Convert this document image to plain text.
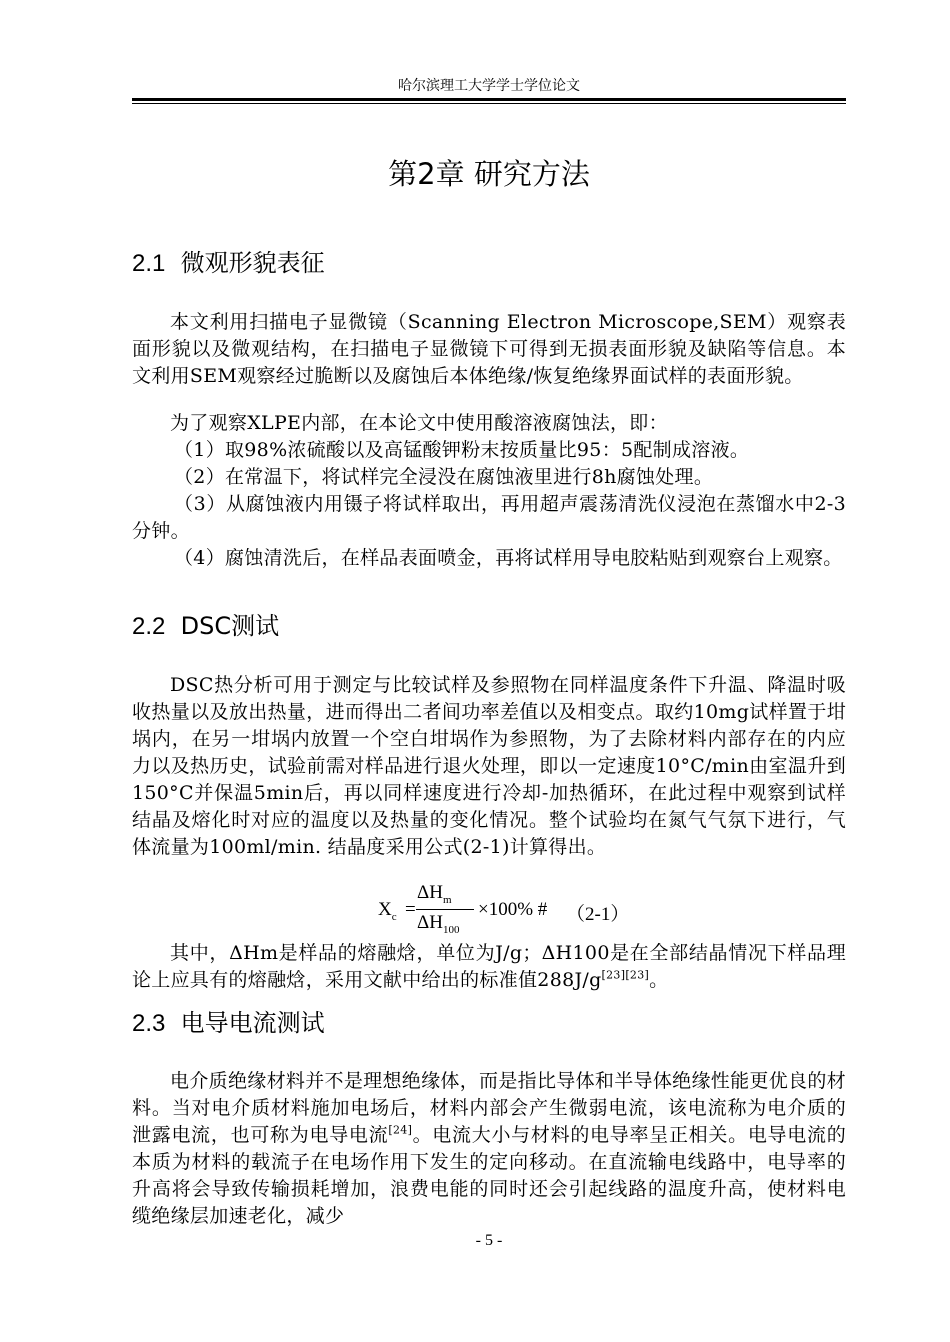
哈尔滨理工大学学士学位论文
第2章 研究方法
2.1 微观形貌表征
本文利用扫描电子显微镜（Scanning Electron Microscope,SEM）观察表面形貌以及微观结构，在扫描电子显微镜下可得到无损表面形貌及缺陷等信息。本文利用SEM观察经过脆断以及腐蚀后本体绝缘/恢复绝缘界面试样的表面形貌。
为了观察XLPE内部，在本论文中使用酸溶液腐蚀法，即：
（1）取98%浓硫酸以及高锰酸钾粉末按质量比95：5配制成溶液。
（2）在常温下，将试样完全浸没在腐蚀液里进行8h腐蚀处理。
（3）从腐蚀液内用镊子将试样取出，再用超声震荡清洗仪浸泡在蒸馏水中2-3分钟。
（4）腐蚀清洗后，在样品表面喷金，再将试样用导电胶粘贴到观察台上观察。
2.2 DSC测试
DSC热分析可用于测定与比较试样及参照物在同样温度条件下升温、降温时吸收热量以及放出热量，进而得出二者间功率差值以及相变点。取约10mg试样置于坩埚内，在另一坩埚内放置一个空白坩埚作为参照物，为了去除材料内部存在的内应力以及热历史，试验前需对样品进行退火处理，即以一定速度10°C/min由室温升到150°C并保温5min后，再以同样速度进行冷却-加热循环，在此过程中观察到试样结晶及熔化时对应的温度以及热量的变化情况。整个试验均在氮气气氛下进行，气体流量为100ml/min. 结晶度采用公式(2-1)计算得出。
$X_c$ =
$\Delta H_m$
$\Delta H_{100}$
×100% # （2-1）
其中，ΔHm是样品的熔融焓，单位为J/g；ΔH100是在全部结晶情况下样品理论上应具有的熔融焓，采用文献中给出的标准值288J/g[23][23]。
2.3 电导电流测试
电介质绝缘材料并不是理想绝缘体，而是指比导体和半导体绝缘性能更优良的材料。当对电介质材料施加电场后，材料内部会产生微弱电流，该电流称为电介质的泄露电流，也可称为电导电流[24]。电流大小与材料的电导率呈正相关。电导电流的本质为材料的载流子在电场作用下发生的定向移动。在直流输电线路中，电导率的升高将会导致传输损耗增加，浪费电能的同时还会引起线路的温度升高，使材料电缆绝缘层加速老化，减少
- 5 -
